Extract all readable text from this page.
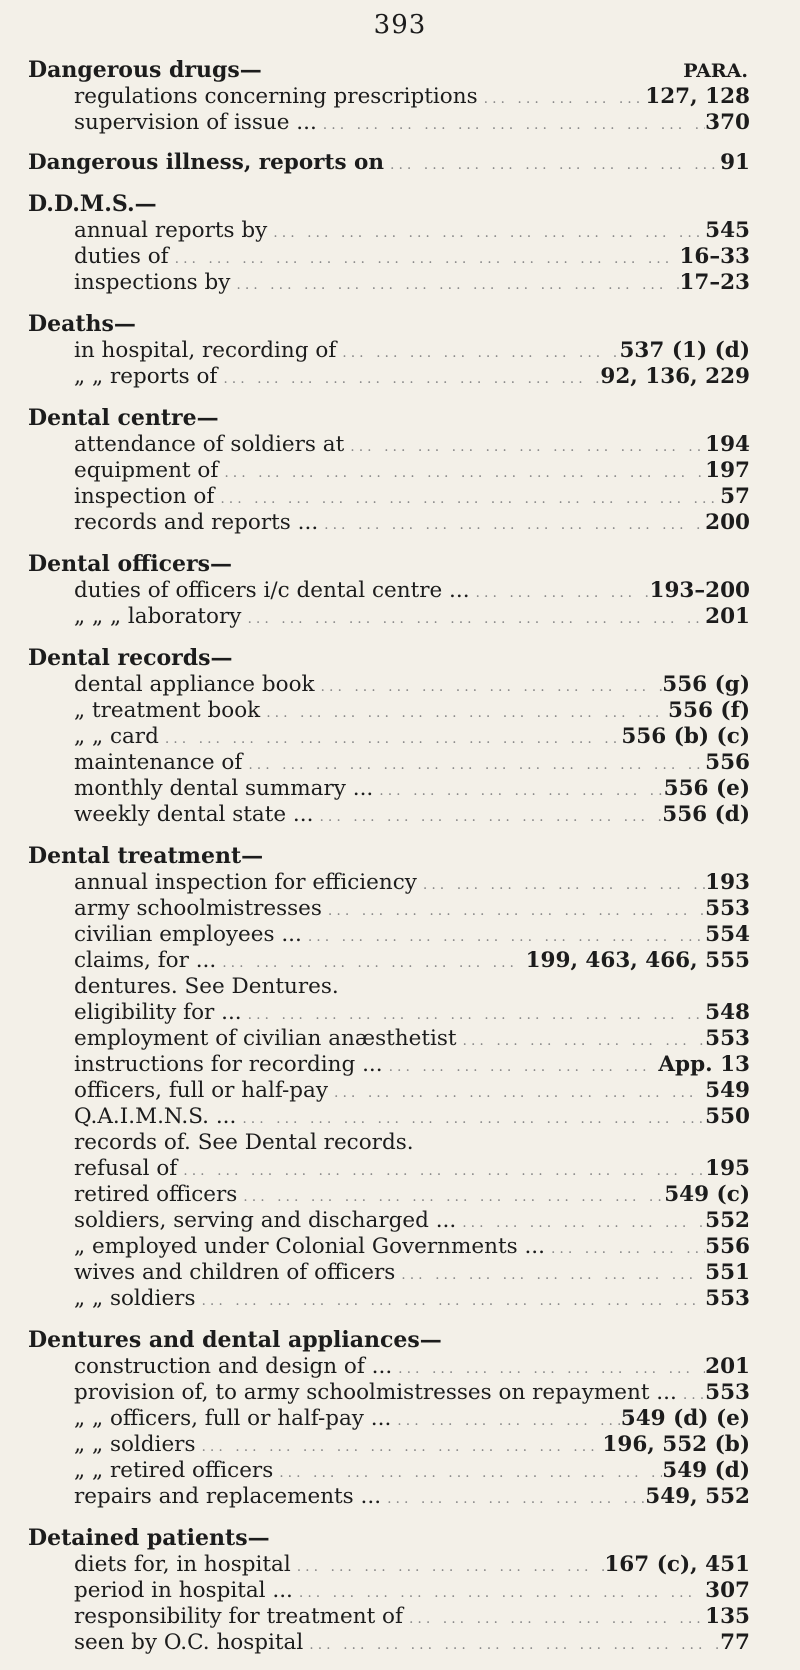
393
PARA.
Dangerous drugs—
regulations concerning prescriptions ... .	127, 128
supervision of issue ... ... .	370
Dangerous illness, reports on ... .	91
D.D.M.S.—
annual reports by ... .	545
duties of ... .	16–33
inspections by ... .	17–23
Deaths—
in hospital, recording of ... .	537 (1) (d)
„ „ reports of ... .	92, 136, 229
Dental centre—
attendance of soldiers at ... .	194
equipment of ... .	197
inspection of ... .	57
records and reports ... ... .	200
Dental officers—
duties of officers i/c dental centre ... ... .	193–200
„ „ „ laboratory ... .	201
Dental records—
dental appliance book ... .	556 (g)
„ treatment book ... .	556 (f)
„ „ card ... .	556 (b) (c)
maintenance of ... .	556
monthly dental summary ... ... .	556 (e)
weekly dental state ... ... .	556 (d)
Dental treatment—
annual inspection for efficiency ... .	193
army schoolmistresses ... .	553
civilian employees ... ... .	554
claims, for ... ... .	199, 463, 466, 555
dentures. See Dentures.
eligibility for ... ... .	548
employment of civilian anæsthetist ... .	553
instructions for recording ... ... .	App. 13
officers, full or half-pay ... .	549
Q.A.I.M.N.S. ... ... .	550
records of. See Dental records.
refusal of ... .	195
retired officers ... .	549 (c)
soldiers, serving and discharged ... ... .	552
„ employed under Colonial Governments ... ... .	556
wives and children of officers ... .	551
„ „ soldiers ... .	553
Dentures and dental appliances—
construction and design of ... ... .	201
provision of, to army schoolmistresses on repayment ... ... . 553
„ „ officers, full or half-pay ... ... .	549 (d) (e)
„ „ soldiers ... .	196, 552 (b)
„ „ retired officers ... .	549 (d)
repairs and replacements ... ... .	549, 552
Detained patients—
diets for, in hospital ... .	167 (c), 451
period in hospital ... ... .	307
responsibility for treatment of ... .	135
seen by O.C. hospital ... .	77
